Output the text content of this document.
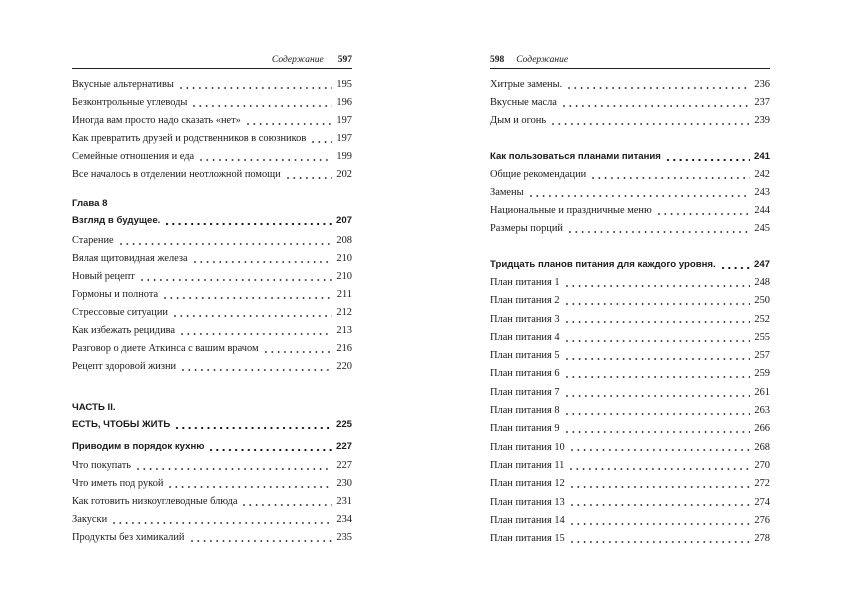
Содержание 597
Вкусные альтернативы	195
Безконтрольные углеводы	196
Иногда вам просто надо сказать «нет»	197
Как превратить друзей и родственников в союзников	197
Семейные отношения и еда	199
Все началось в отделении неотложной помощи	202
Глава 8
Взгляд в будущее.	207
Старение	208
Вялая щитовидная железа	210
Новый рецепт	210
Гормоны и полнота	211
Стрессовые ситуации	212
Как избежать рецидива	213
Разговор о диете Аткинса с вашим врачом	216
Рецепт здоровой жизни	220
ЧАСТЬ II.
ЕСТЬ, ЧТОБЫ ЖИТЬ	225
Приводим в порядок кухню	227
Что покупать	227
Что иметь под рукой	230
Как готовить низкоуглеводные блюда	231
Закуски	234
Продукты без химикалий	235
598 Содержание
Хитрые замены.	236
Вкусные масла	237
Дым и огонь	239
Как пользоваться планами питания	241
Общие рекомендации	242
Замены	243
Национальные и праздничные меню	244
Размеры порций	245
Тридцать планов питания для каждого уровня.	247
План питания 1	248
План питания 2	250
План питания 3	252
План питания 4	255
План питания 5	257
План питания 6	259
План питания 7	261
План питания 8	263
План питания 9	266
План питания 10	268
План питания 11	270
План питания 12	272
План питания 13	274
План питания 14	276
План питания 15	278
